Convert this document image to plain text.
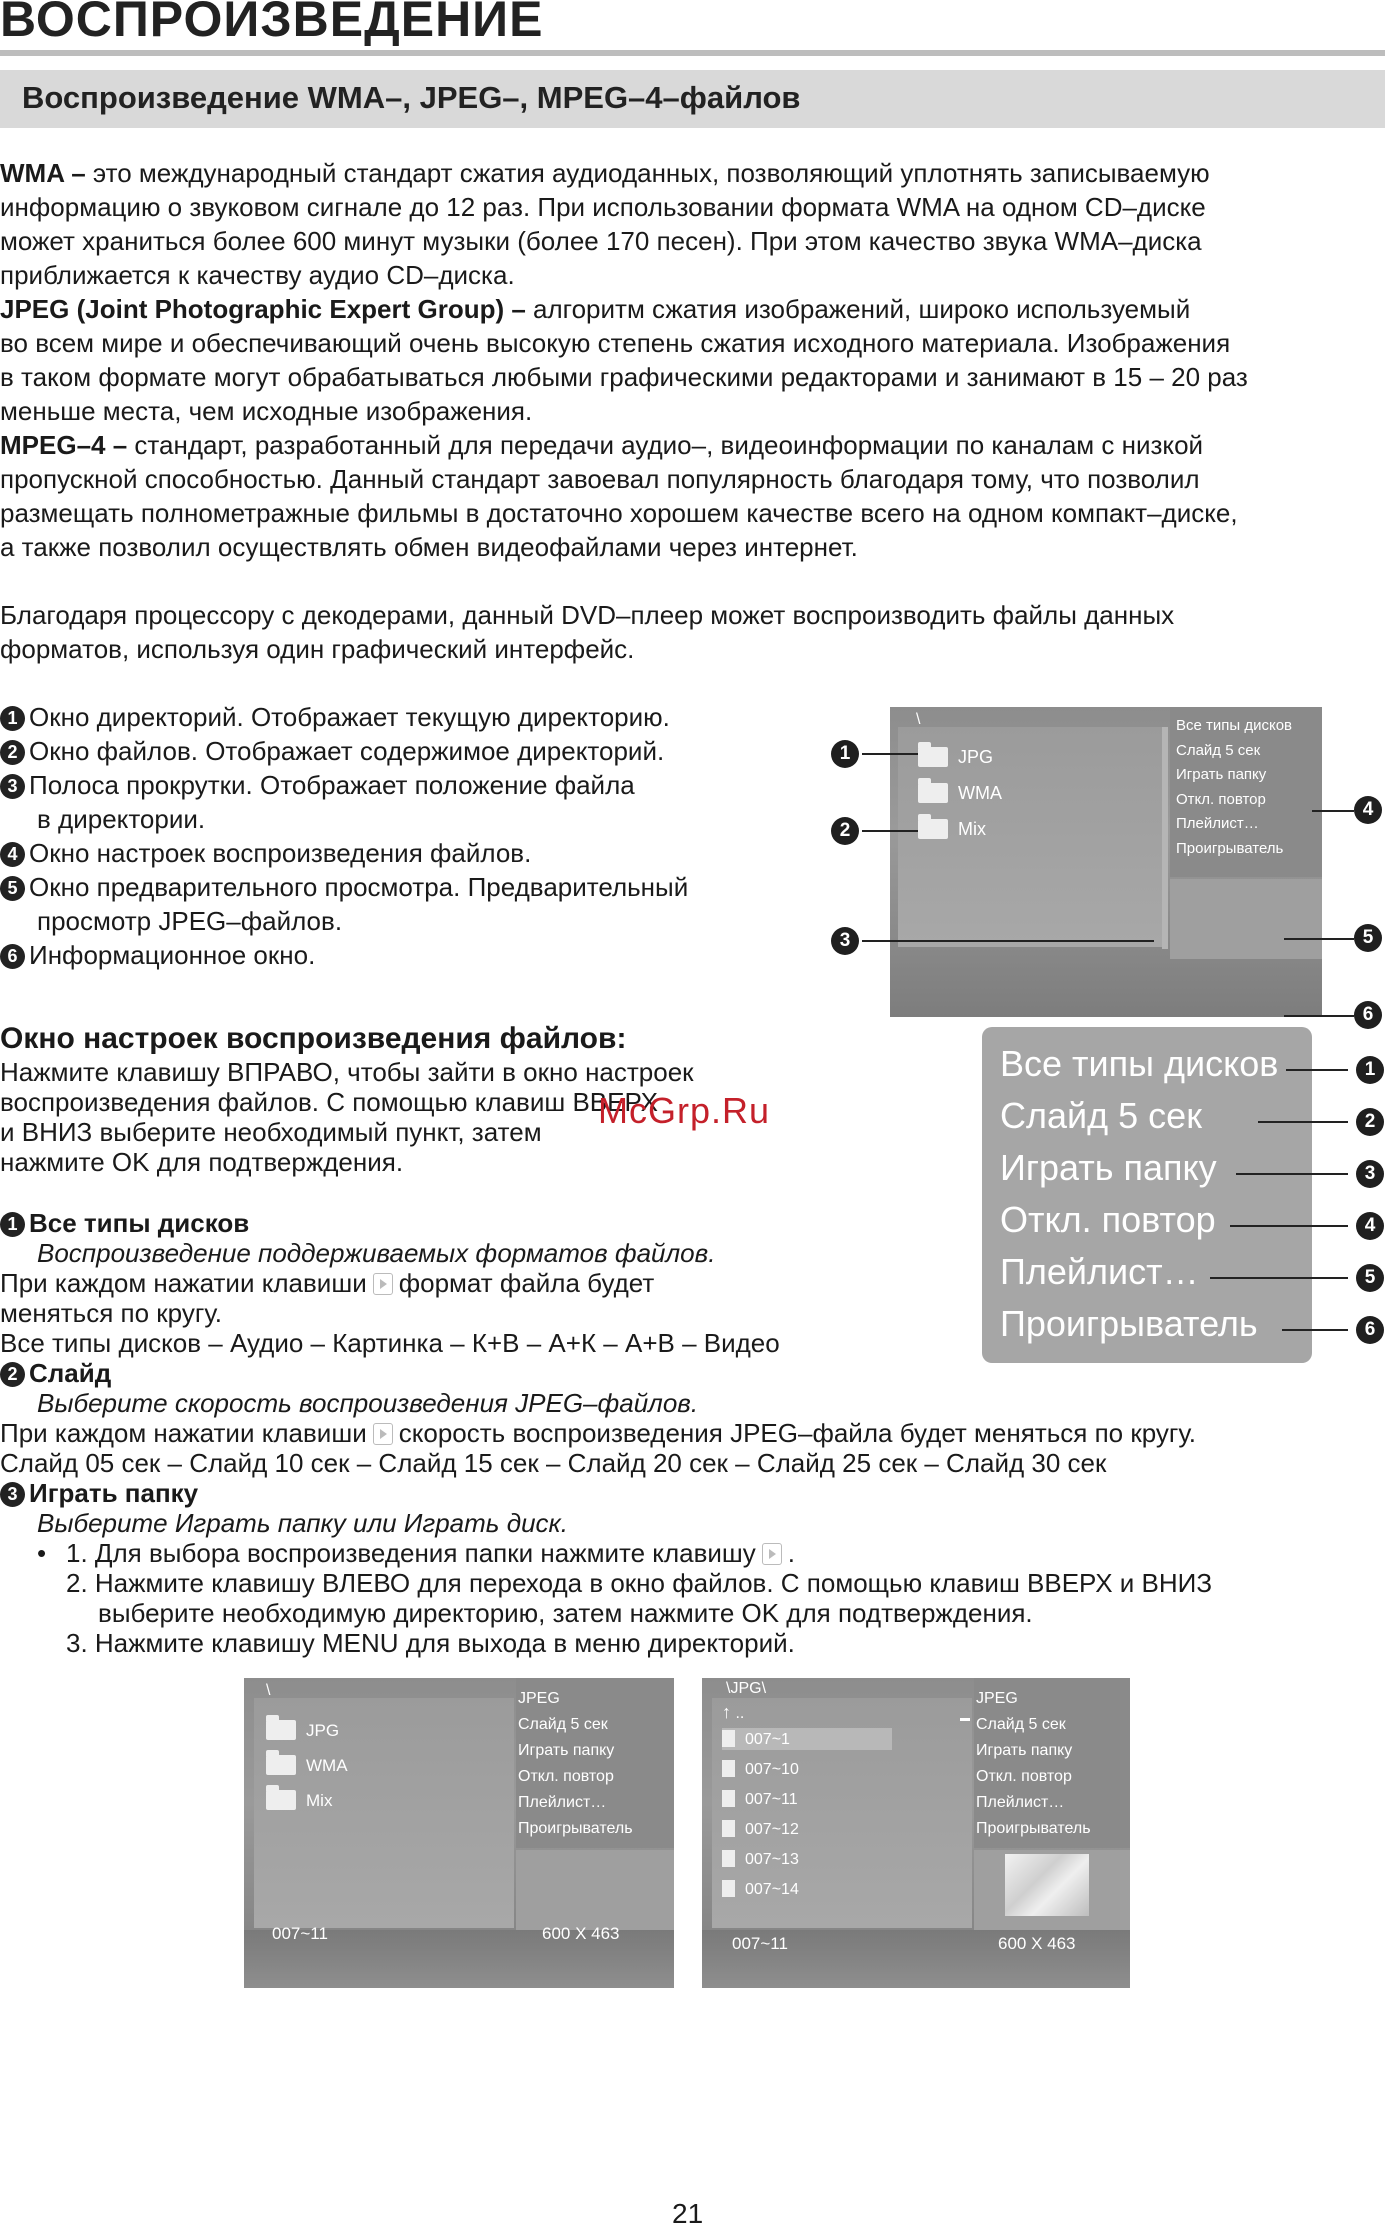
ВОСПРОИЗВЕДЕНИЕ
Воспроизведение WMA–, JPEG–, MPEG–4–файлов
WMA – это международный стандарт сжатия аудиоданных, позволяющий уплотнять записываемую
информацию о звуковом сигнале до 12 раз. При использовании формата WMA на одном CD–диске
может храниться более 600 минут музыки (более 170 песен). При этом качество звука WMA–диска
приближается к качеству аудио CD–диска.
JPEG (Joint Photographic Expert Group) – алгоритм сжатия изображений, широко используемый
во всем мире и обеспечивающий очень высокую степень сжатия исходного материала. Изображения
в таком формате могут обрабатываться любыми графическими редакторами и занимают в 15 – 20 раз
меньше места, чем исходные изображения.
MPEG–4 – стандарт, разработанный для передачи аудио–, видеоинформации по каналам с низкой
пропускной способностью. Данный стандарт завоевал популярность благодаря тому, что позволил
размещать полнометражные фильмы в достаточно хорошем качестве всего на одном компакт–диске,
а также позволил осуществлять обмен видеофайлами через интернет.
Благодаря процессору с декодерами, данный DVD–плеер может воспроизводить файлы данных
форматов, используя один графический интерфейс.
1 Окно директорий. Отображает текущую директорию.
2 Окно файлов. Отображает содержимое директорий.
3 Полоса прокрутки. Отображает положение файла
в директории.
4 Окно настроек воспроизведения файлов.
5 Окно предварительного просмотра. Предварительный
просмотр JPEG–файлов.
6 Информационное окно.
\
JPG
WMA
Mix
Все типы дисков
Слайд 5 сек
Играть папку
Откл. повтор
Плейлист…
Проигрыватель
1
2
3
4
5
6
Окно настроек воспроизведения файлов:
Нажмите клавишу ВПРАВО, чтобы зайти в окно настроек
воспроизведения файлов. С помощью клавиш ВВЕРХ
и ВНИЗ выберите необходимый пункт, затем
нажмите OK для подтверждения.
McGrp.Ru
Все типы дисков
Слайд 5 сек
Играть папку
Откл. повтор
Плейлист…
Проигрыватель
1
2
3
4
5
6
1 Все типы дисков
Воспроизведение поддерживаемых форматов файлов.
При каждом нажатии клавиши формат файла будет
меняться по кругу.
Все типы дисков – Аудио – Картинка – К+В – А+К – А+В – Видео
2 Слайд
Выберите скорость воспроизведения JPEG–файлов.
При каждом нажатии клавиши скорость воспроизведения JPEG–файла будет меняться по кругу.
Слайд 05 сек – Слайд 10 сек – Слайд 15 сек – Слайд 20 сек – Слайд 25 сек – Слайд 30 сек
3 Играть папку
Выберите Играть папку или Играть диск.
• 1. Для выбора воспроизведения папки нажмите клавишу .
2. Нажмите клавишу ВЛЕВО для перехода в окно файлов. С помощью клавиш ВВЕРХ и ВНИЗ
выберите необходимую директорию, затем нажмите OK для подтверждения.
3. Нажмите клавишу MENU для выхода в меню директорий.
\
JPG
WMA
Mix
JPEG
Слайд 5 сек
Играть папку
Откл. повтор
Плейлист…
Проигрыватель
007~11	600 X 463
\JPG\
↑ ..
007~1
007~10
007~11
007~12
007~13
007~14
JPEG
Слайд 5 сек
Играть папку
Откл. повтор
Плейлист…
Проигрыватель
007~11	600 X 463
21
